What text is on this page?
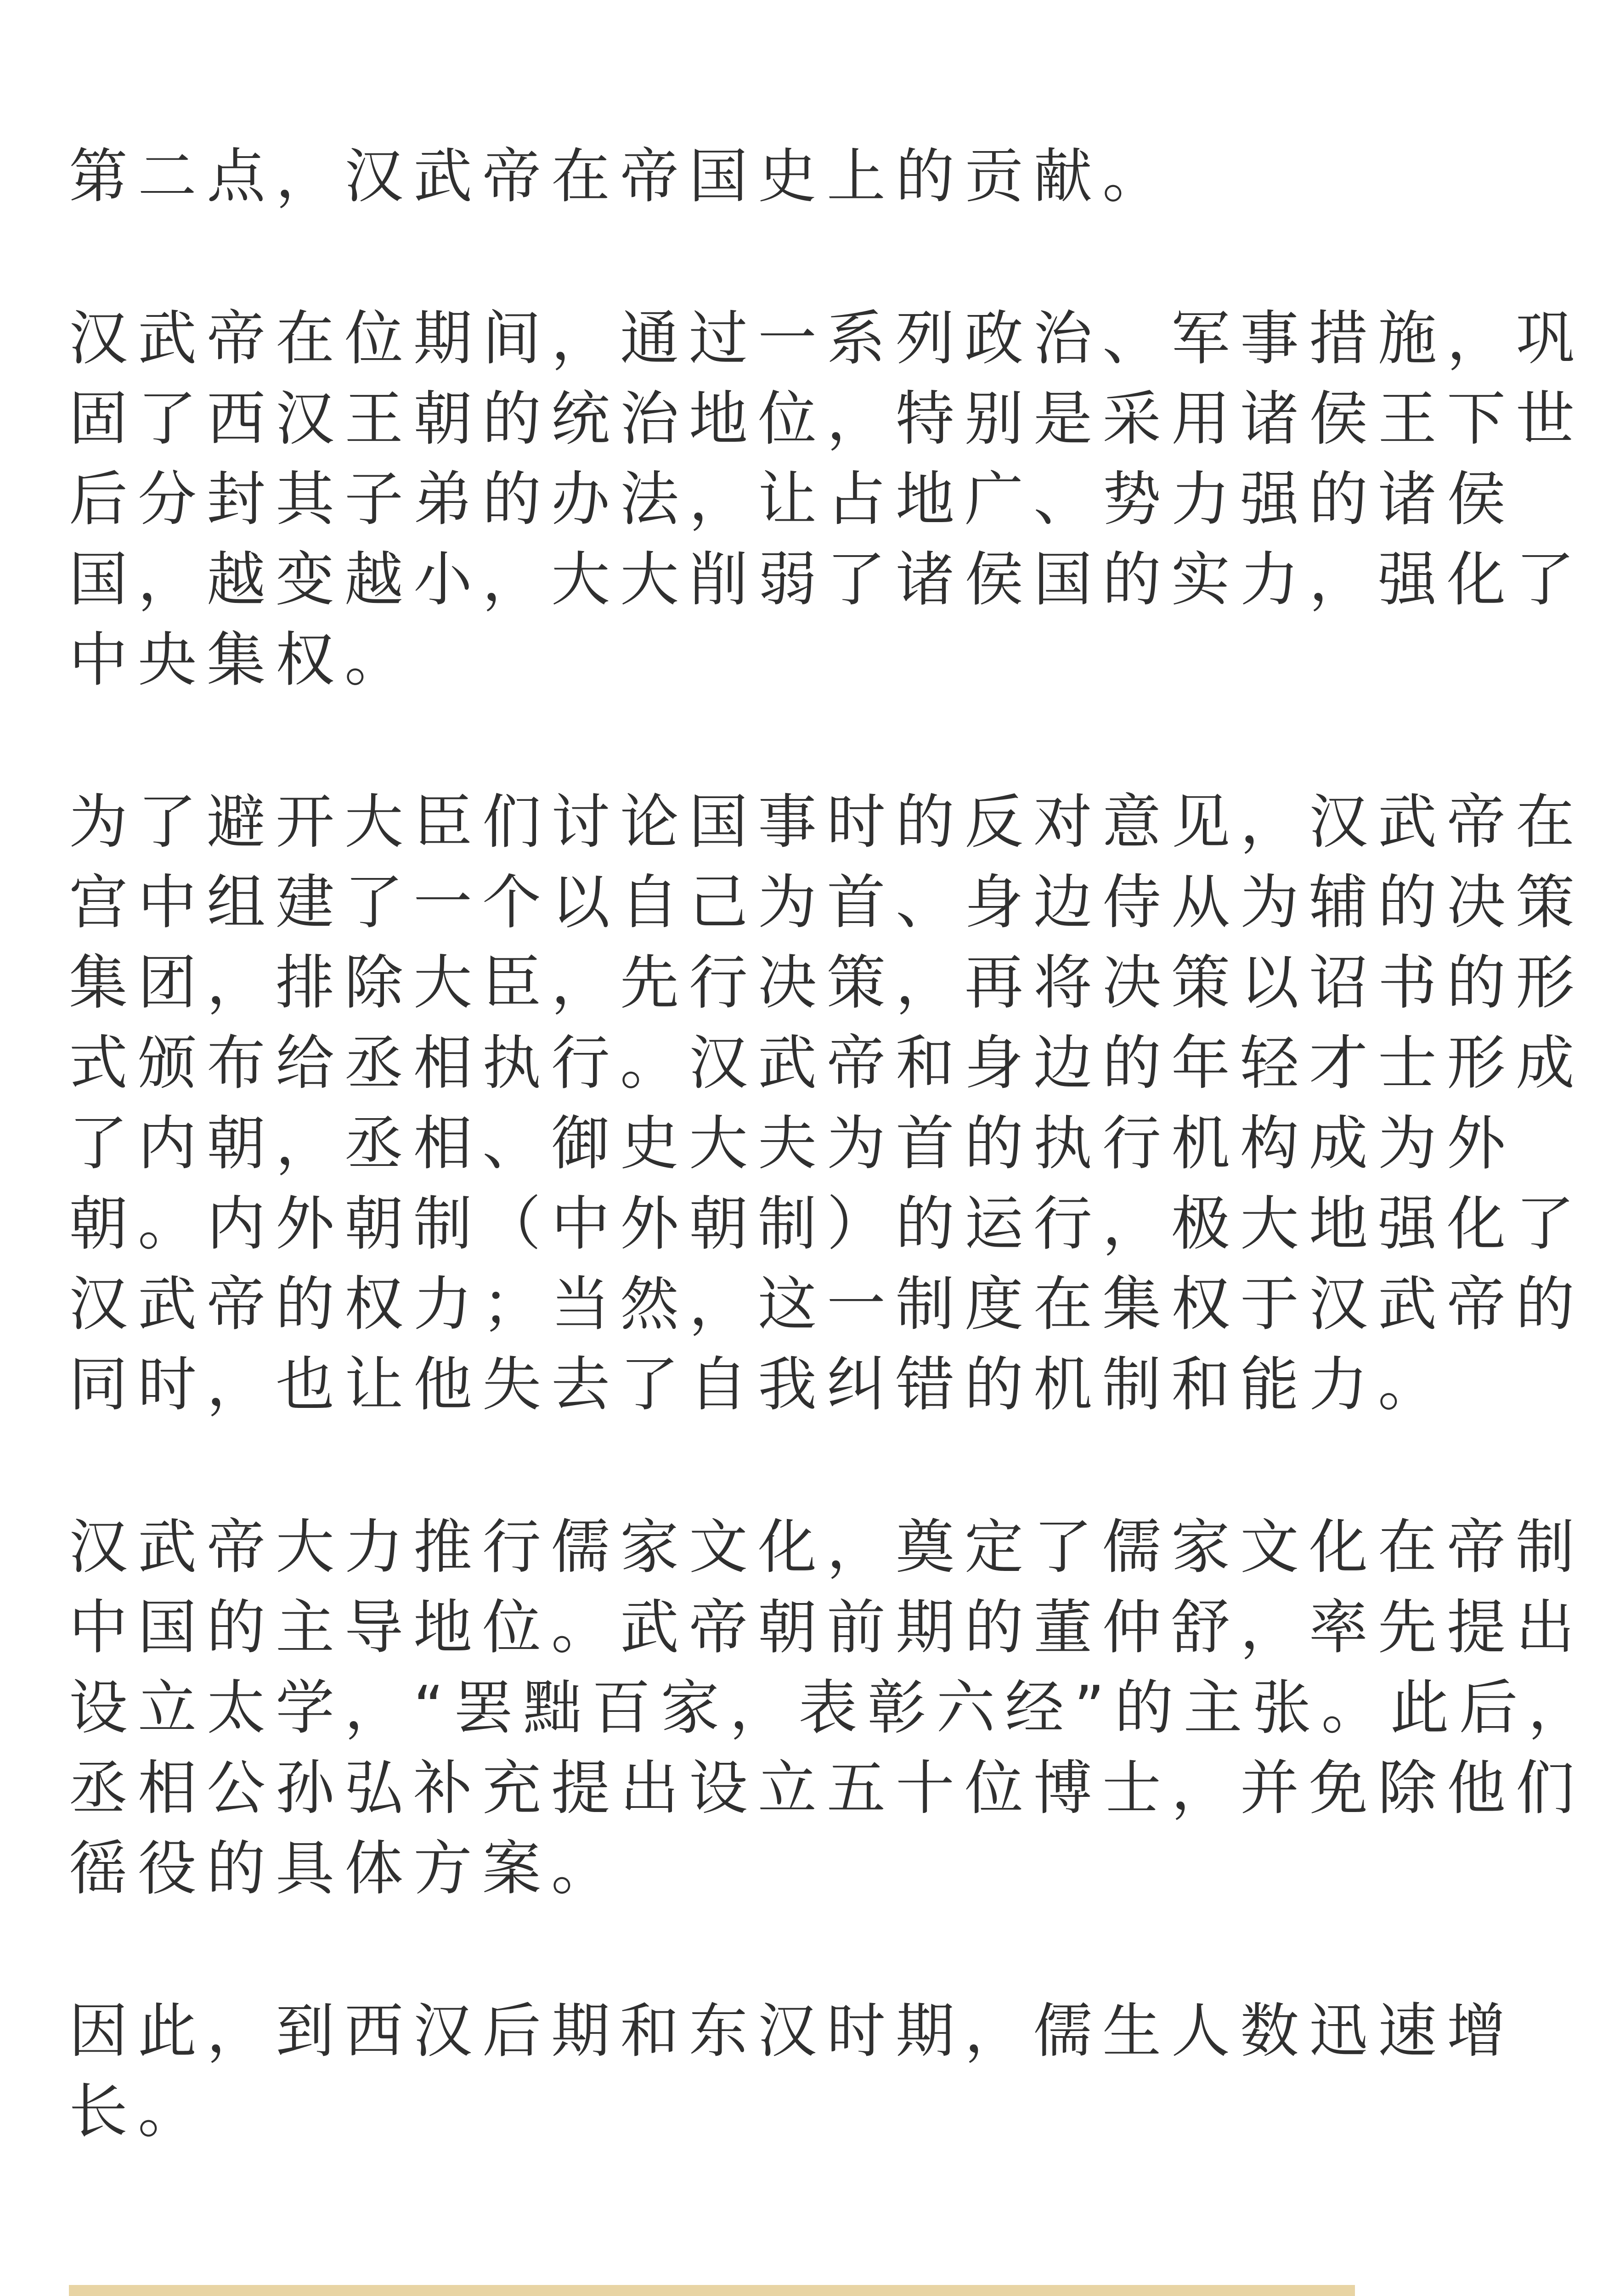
第二点，汉武帝在帝国史上的贡献。
汉武帝在位期间，通过一系列政治、军事措施，巩
固了西汉王朝的统治地位，特别是采用诸侯王下世
后分封其子弟的办法，让占地广、势力强的诸侯
国，越变越小，大大削弱了诸侯国的实力，强化了
中央集权。
为了避开大臣们讨论国事时的反对意见，汉武帝在
宫中组建了一个以自己为首、身边侍从为辅的决策
集团，排除大臣，先行决策，再将决策以诏书的形
式颁布给丞相执行。汉武帝和身边的年轻才士形成
了内朝，丞相、御史大夫为首的执行机构成为外
朝。内外朝制（中外朝制）的运行，极大地强化了
汉武帝的权力；当然，这一制度在集权于汉武帝的
同时，也让他失去了自我纠错的机制和能力。
汉武帝大力推行儒家文化，奠定了儒家文化在帝制
中国的主导地位。武帝朝前期的董仲舒，率先提出
设立太学，“罢黜百家，表彰六经”的主张。此后，
丞相公孙弘补充提出设立五十位博士，并免除他们
徭役的具体方案。
因此，到西汉后期和东汉时期，儒生人数迅速增
长。
